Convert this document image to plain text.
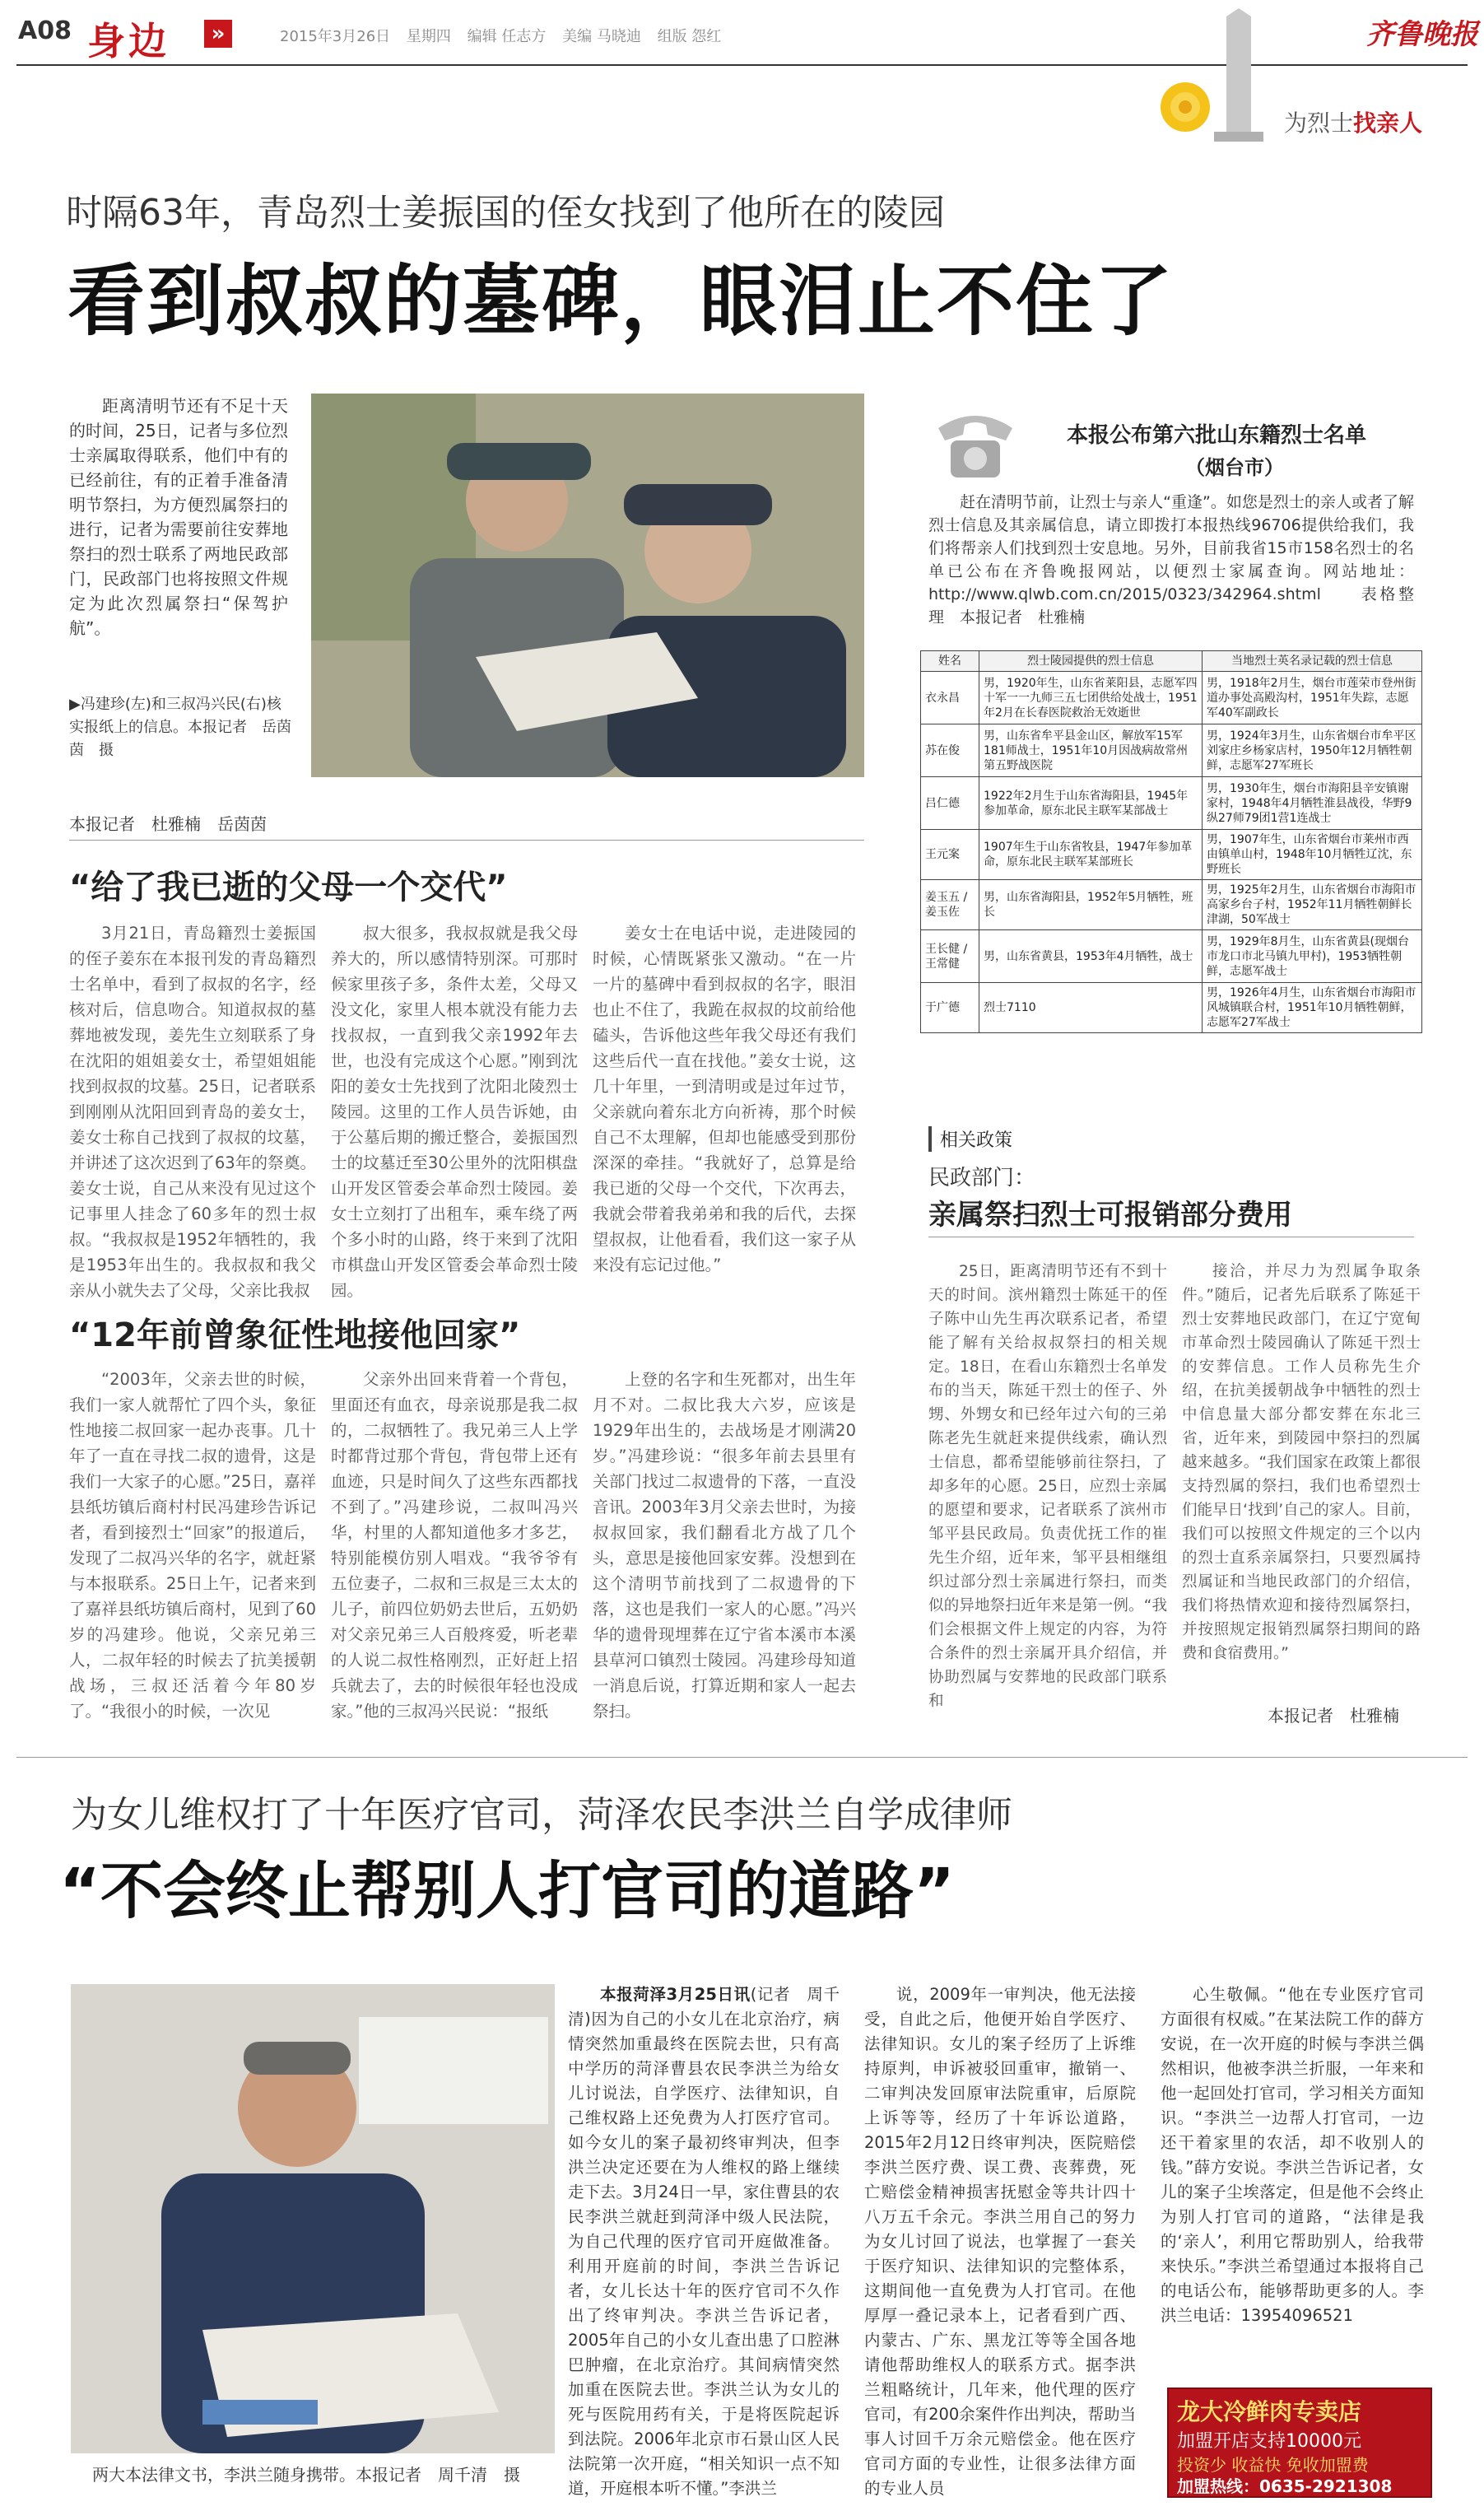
A08 身边	»	2015年3月26日 星期四 编辑 任志方 美编 马晓迪 组版 怨红	齐鲁晚报
为烈士找亲人
时隔63年，青岛烈士姜振国的侄女找到了他所在的陵园
看到叔叔的墓碑，眼泪止不住了

距离清明节还有不足十天的时间，25日，记者与多位烈士亲属取得联系，他们中有的已经前往，有的正着手准备清明节祭扫，为方便烈属祭扫的进行，记者为需要前往安葬地祭扫的烈士联系了两地民政部门，民政部门也将按照文件规定为此次烈属祭扫“保驾护航”。

▶冯建珍(左)和三叔冯兴民(右)核实报纸上的信息。本报记者　岳茵茵　摄
本报记者　杜雅楠　岳茵茵
“给了我已逝的父母一个交代”

3月21日，青岛籍烈士姜振国的侄子姜东在本报刊发的青岛籍烈士名单中，看到了叔叔的名字，经核对后，信息吻合。知道叔叔的墓葬地被发现，姜先生立刻联系了身在沈阳的姐姐姜女士，希望姐姐能找到叔叔的坟墓。25日，记者联系到刚刚从沈阳回到青岛的姜女士，姜女士称自己找到了叔叔的坟墓，并讲述了这次迟到了63年的祭奠。姜女士说，自己从来没有见过这个记事里人挂念了60多年的烈士叔叔。“我叔叔是1952年牺牲的，我是1953年出生的。我叔叔和我父亲从小就失去了父母，父亲比我叔

叔大很多，我叔叔就是我父母养大的，所以感情特别深。可那时候家里孩子多，条件太差，父母又没文化，家里人根本就没有能力去找叔叔，一直到我父亲1992年去世，也没有完成这个心愿。”刚到沈阳的姜女士先找到了沈阳北陵烈士陵园。这里的工作人员告诉她，由于公墓后期的搬迁整合，姜振国烈士的坟墓迁至30公里外的沈阳棋盘山开发区管委会革命烈士陵园。姜女士立刻打了出租车，乘车绕了两个多小时的山路，终于来到了沈阳市棋盘山开发区管委会革命烈士陵园。

姜女士在电话中说，走进陵园的时候，心情既紧张又激动。“在一片一片的墓碑中看到叔叔的名字，眼泪也止不住了，我跪在叔叔的坟前给他磕头，告诉他这些年我父母还有我们这些后代一直在找他。”姜女士说，这几十年里，一到清明或是过年过节，父亲就向着东北方向祈祷，那个时候自己不太理解，但却也能感受到那份深深的牵挂。“我就好了，总算是给我已逝的父母一个交代，下次再去，我就会带着我弟弟和我的后代，去探望叔叔，让他看看，我们这一家子从来没有忘记过他。”

“12年前曾象征性地接他回家”

“2003年，父亲去世的时候，我们一家人就帮忙了四个头，象征性地接二叔回家一起办丧事。几十年了一直在寻找二叔的遗骨，这是我们一大家子的心愿。”25日，嘉祥县纸坊镇后商村村民冯建珍告诉记者，看到接烈士“回家”的报道后，发现了二叔冯兴华的名字，就赶紧与本报联系。25日上午，记者来到了嘉祥县纸坊镇后商村，见到了60岁的冯建珍。他说，父亲兄弟三人，二叔年轻的时候去了抗美援朝战场，三叔还活着今年80岁了。“我很小的时候，一次见

父亲外出回来背着一个背包，里面还有血衣，母亲说那是我二叔的，二叔牺牲了。我兄弟三人上学时都背过那个背包，背包带上还有血迹，只是时间久了这些东西都找不到了。”冯建珍说，二叔叫冯兴华，村里的人都知道他多才多艺，特别能模仿别人唱戏。“我爷爷有五位妻子，二叔和三叔是三太太的儿子，前四位奶奶去世后，五奶奶对父亲兄弟三人百般疼爱，听老辈的人说二叔性格刚烈，正好赶上招兵就去了，去的时候很年轻也没成家。”他的三叔冯兴民说：“报纸

上登的名字和生死都对，出生年月不对。二叔比我大六岁，应该是1929年出生的，去战场是才刚满20岁。”冯建珍说：“很多年前去县里有关部门找过二叔遗骨的下落，一直没音讯。2003年3月父亲去世时，为接叔叔回家，我们翻看北方战了几个头，意思是接他回家安葬。没想到在这个清明节前找到了二叔遗骨的下落，这也是我们一家人的心愿。”冯兴华的遗骨现埋葬在辽宁省本溪市本溪县草河口镇烈士陵园。冯建珍母知道一消息后说，打算近期和家人一起去祭扫。

本报公布第六批山东籍烈士名单
（烟台市）

赶在清明节前，让烈士与亲人“重逢”。如您是烈士的亲人或者了解烈士信息及其亲属信息，请立即拨打本报热线96706提供给我们，我们将帮亲人们找到烈士安息地。另外，目前我省15市158名烈士的名单已公布在齐鲁晚报网站，以便烈士家属查询。网站地址：http://www.qlwb.com.cn/2015/0323/342964.shtml　　表格整理　本报记者　杜雅楠

姓名	烈士陵园提供的烈士信息	当地烈士英名录记载的烈士信息
衣永昌	男，1920年生，山东省莱阳县，志愿军四十军一一九师三五七团供给处战士，1951年2月在长春医院救治无效逝世	男，1918年2月生，烟台市莲荣市登州街道办事处高殿沟村，1951年失踪，志愿军40军副政长
苏在俊	男，山东省牟平县金山区，解放军15军181师战士，1951年10月因战病故常州第五野战医院	男，1924年3月生，山东省烟台市牟平区刘家庄乡杨家店村，1950年12月牺牲朝鲜，志愿军27军班长
吕仁德	1922年2月生于山东省海阳县，1945年参加革命，原东北民主联军某部战士	男，1930年生，烟台市海阳县辛安镇谢家村，1948年4月牺牲淮县战役，华野9纵27师79团1营1连战士
王元案	1907年生于山东省牧县，1947年参加革命，原东北民主联军某部班长	男，1907年生，山东省烟台市莱州市西由镇单山村，1948年10月牺牲辽沈，东野班长
姜玉五 / 姜玉佐	男，山东省海阳县，1952年5月牺牲，班长	男，1925年2月生，山东省烟台市海阳市高家乡台子村，1952年11月牺牲朝鲜长津湖，50军战士
王长健 / 王常健	男，山东省黄县，1953年4月牺牲，战士	男，1929年8月生，山东省黄县(现烟台市龙口市北马镇九甲村)，1953牺牲朝鲜，志愿军战士
于广德	烈士7110	男，1926年4月生，山东省烟台市海阳市风城镇联合村，1951年10月牺牲朝鲜，志愿军27军战士
相关政策
民政部门：
亲属祭扫烈士可报销部分费用

25日，距离清明节还有不到十天的时间。滨州籍烈士陈延干的侄子陈中山先生再次联系记者，希望能了解有关给叔叔祭扫的相关规定。18日，在看山东籍烈士名单发布的当天，陈延干烈士的侄子、外甥、外甥女和已经年过六旬的三弟陈老先生就赶来提供线索，确认烈士信息，都希望能够前往祭扫，了却多年的心愿。25日，应烈士亲属的愿望和要求，记者联系了滨州市邹平县民政局。负责优抚工作的崔先生介绍，近年来，邹平县相继组织过部分烈士亲属进行祭扫，而类似的异地祭扫近年来是第一例。“我们会根据文件上规定的内容，为符合条件的烈士亲属开具介绍信，并协助烈属与安葬地的民政部门联系和

接洽，并尽力为烈属争取条件。”随后，记者先后联系了陈延干烈士安葬地民政部门，在辽宁宽甸市革命烈士陵园确认了陈延干烈士的安葬信息。工作人员称先生介绍，在抗美援朝战争中牺牲的烈士中信息量大部分都安葬在东北三省，近年来，到陵园中祭扫的烈属越来越多。“我们国家在政策上都很支持烈属的祭扫，我们也希望烈士们能早日‘找到’自己的家人。目前，我们可以按照文件规定的三个以内的烈士直系亲属祭扫，只要烈属持烈属证和当地民政部门的介绍信，我们将热情欢迎和接待烈属祭扫，并按照规定报销烈属祭扫期间的路费和食宿费用。”

本报记者　杜雅楠
为女儿维权打了十年医疗官司，菏泽农民李洪兰自学成律师
“不会终止帮别人打官司的道路”
两大本法律文书，李洪兰随身携带。本报记者　周千清　摄

本报菏泽3月25日讯(记者　周千清)因为自己的小女儿在北京治疗，病情突然加重最终在医院去世，只有高中学历的菏泽曹县农民李洪兰为给女儿讨说法，自学医疗、法律知识，自己维权路上还免费为人打医疗官司。如今女儿的案子最初终审判决，但李洪兰决定还要在为人维权的路上继续走下去。3月24日一早，家住曹县的农民李洪兰就赶到菏泽中级人民法院，为自己代理的医疗官司开庭做准备。利用开庭前的时间，李洪兰告诉记者，女儿长达十年的医疗官司不久作出了终审判决。李洪兰告诉记者，2005年自己的小女儿查出患了口腔淋巴肿瘤，在北京治疗。其间病情突然加重在医院去世。李洪兰认为女儿的死与医院用药有关，于是将医院起诉到法院。2006年北京市石景山区人民法院第一次开庭，“相关知识一点不知道，开庭根本听不懂。”李洪兰

说，2009年一审判决，他无法接受，自此之后，他便开始自学医疗、法律知识。女儿的案子经历了上诉维持原判，申诉被驳回重审，撤销一、二审判决发回原审法院重审，后原院上诉等等，经历了十年诉讼道路，2015年2月12日终审判决，医院赔偿李洪兰医疗费、误工费、丧葬费，死亡赔偿金精神损害抚慰金等共计四十八万五千余元。李洪兰用自己的努力为女儿讨回了说法，也掌握了一套关于医疗知识、法律知识的完整体系，这期间他一直免费为人打官司。在他厚厚一叠记录本上，记者看到广西、内蒙古、广东、黑龙江等等全国各地请他帮助维权人的联系方式。据李洪兰粗略统计，几年来，他代理的医疗官司，有200余案件作出判决，帮助当事人讨回千万余元赔偿金。他在医疗官司方面的专业性，让很多法律方面的专业人员

心生敬佩。“他在专业医疗官司方面很有权威。”在某法院工作的薛方安说，在一次开庭的时候与李洪兰偶然相识，他被李洪兰折服，一年来和他一起回处打官司，学习相关方面知识。“李洪兰一边帮人打官司，一边还干着家里的农活，却不收别人的钱。”薛方安说。李洪兰告诉记者，女儿的案子尘埃落定，但是他不会终止为别人打官司的道路，“法律是我的‘亲人’，利用它帮助别人，给我带来快乐。”李洪兰希望通过本报将自己的电话公布，能够帮助更多的人。李洪兰电话：13954096521

龙大冷鲜肉专卖店
加盟开店支持10000元
投资少 收益快 免收加盟费
加盟热线：0635-2921308
